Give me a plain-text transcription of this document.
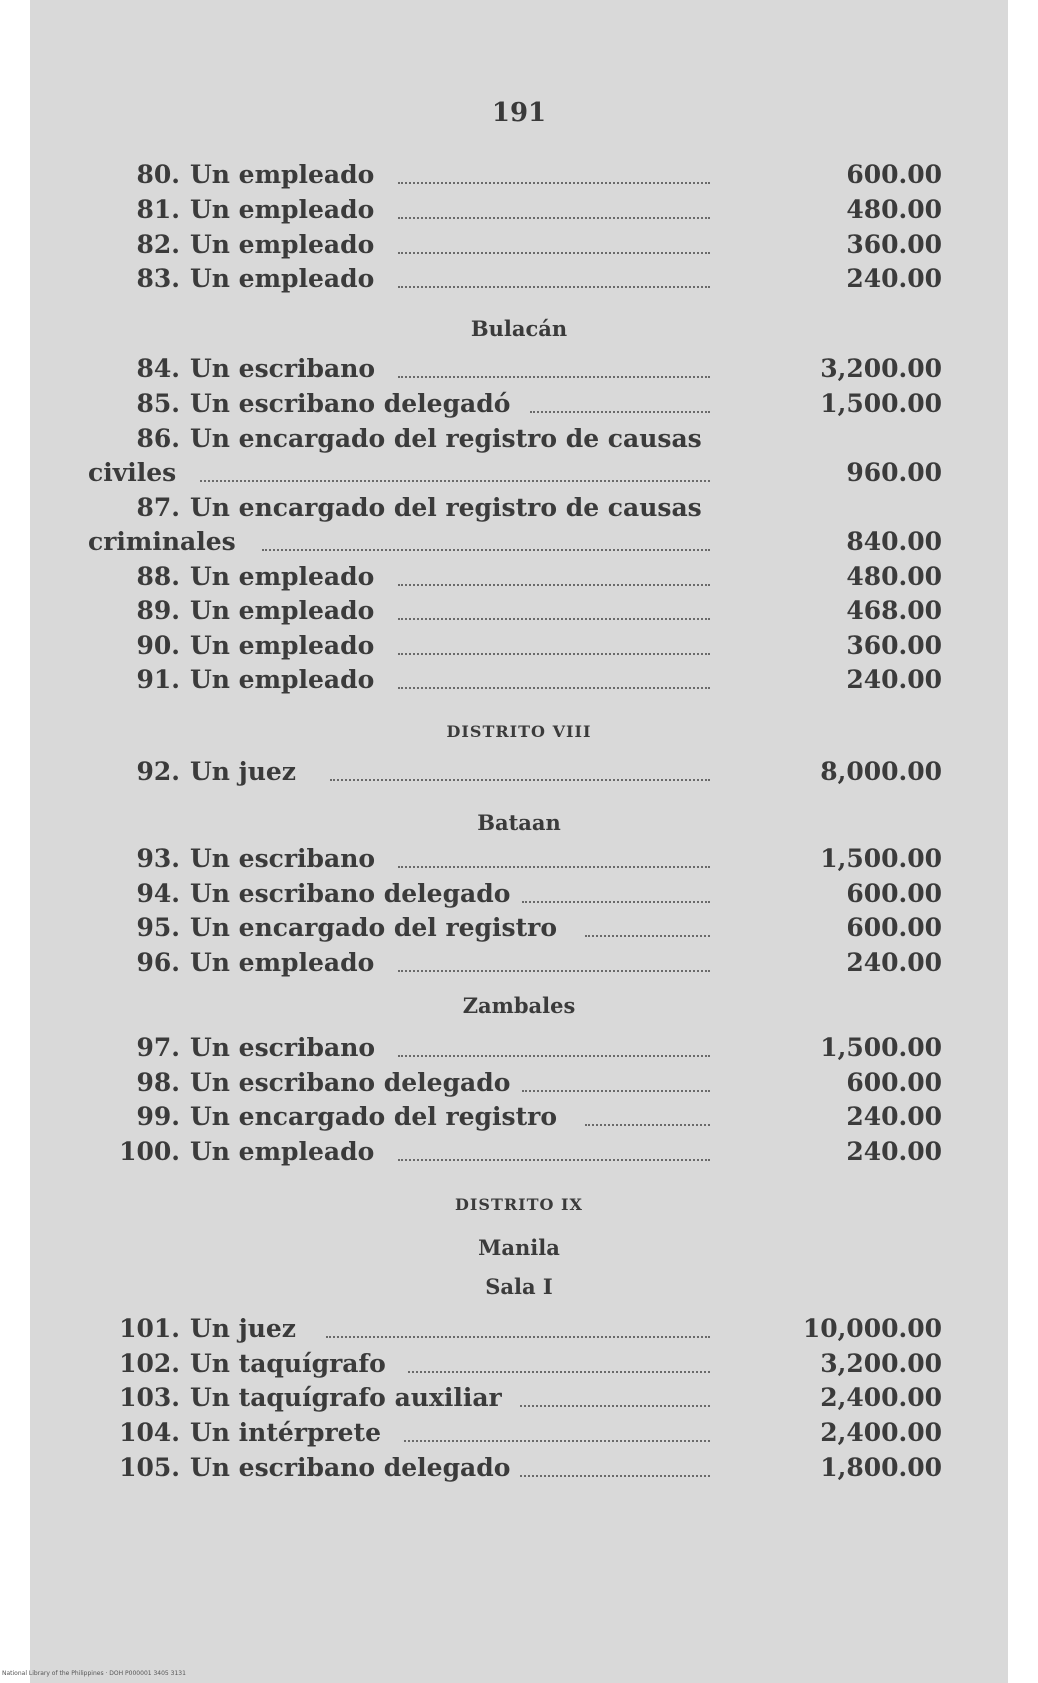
191
80. Un empleado	600.00
81. Un empleado	480.00
82. Un empleado	360.00
83. Un empleado	240.00
Bulacán
84. Un escribano	3,200.00
85. Un escribano delegadó	1,500.00
86. Un encargado del registro de causas
civiles	960.00
87. Un encargado del registro de causas
criminales	840.00
88. Un empleado	480.00
89. Un empleado	468.00
90. Un empleado	360.00
91. Un empleado	240.00
DISTRITO VIII
92. Un juez	8,000.00
Bataan
93. Un escribano	1,500.00
94. Un escribano delegado	600.00
95. Un encargado del registro	600.00
96. Un empleado	240.00
Zambales
97. Un escribano	1,500.00
98. Un escribano delegado	600.00
99. Un encargado del registro	240.00
100. Un empleado	240.00
DISTRITO IX
Manila
Sala I
101. Un juez	10,000.00
102. Un taquígrafo	3,200.00
103. Un taquígrafo auxiliar	2,400.00
104. Un intérprete	2,400.00
105. Un escribano delegado	1,800.00
National Library of the Philippines · DOH P000001 3405 3131
